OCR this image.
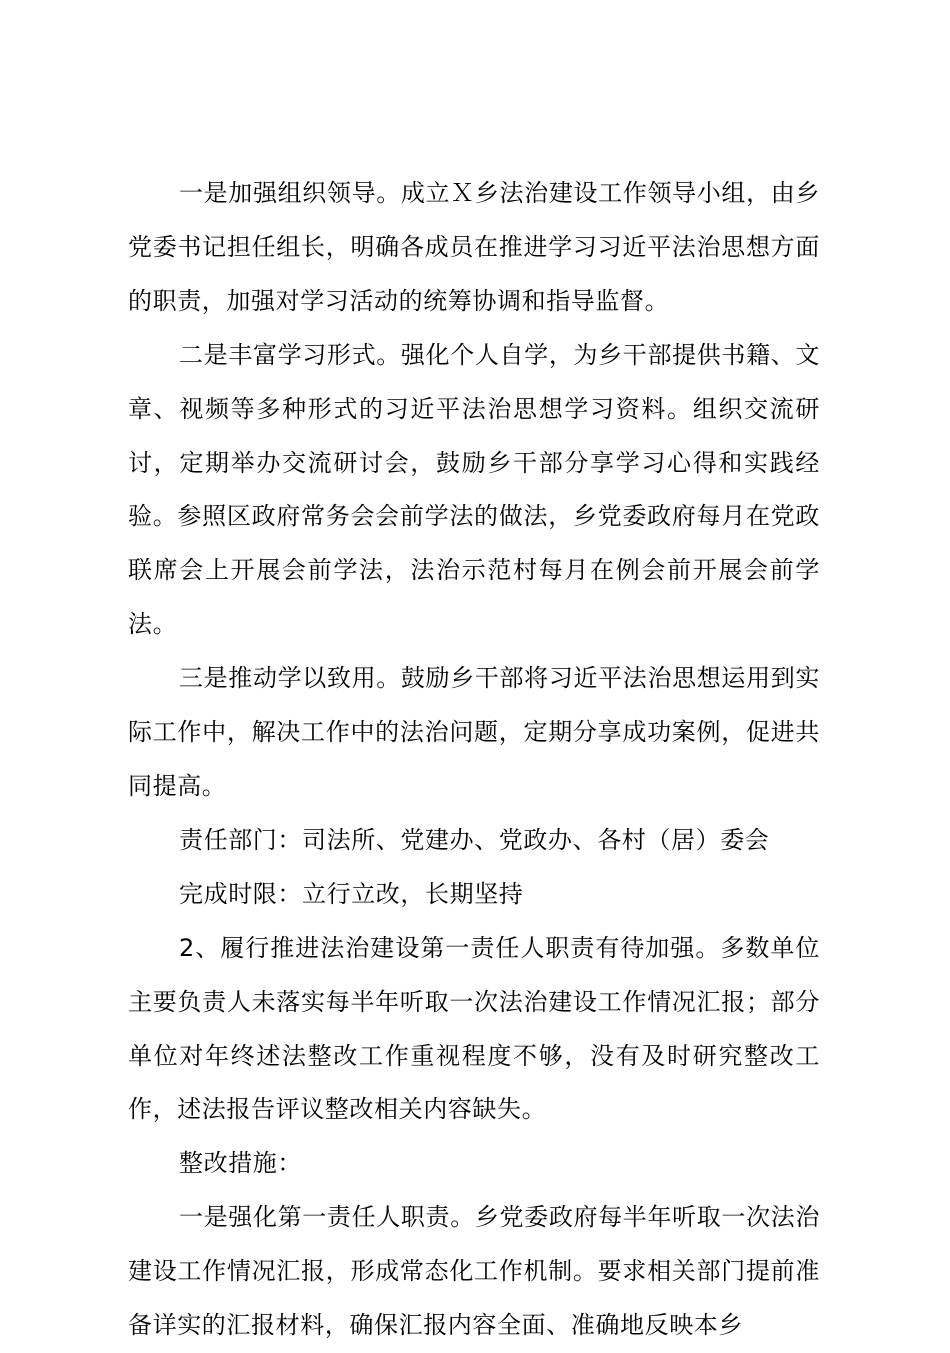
一是加强组织领导。成立Ｘ乡法治建设工作领导小组，由乡党委书记担任组长，明确各成员在推进学习习近平法治思想方面的职责，加强对学习活动的统筹协调和指导监督。

二是丰富学习形式。强化个人自学，为乡干部提供书籍、文章、视频等多种形式的习近平法治思想学习资料。组织交流研讨，定期举办交流研讨会，鼓励乡干部分享学习心得和实践经验。参照区政府常务会会前学法的做法，乡党委政府每月在党政联席会上开展会前学法，法治示范村每月在例会前开展会前学法。

三是推动学以致用。鼓励乡干部将习近平法治思想运用到实际工作中，解决工作中的法治问题，定期分享成功案例，促进共同提高。

责任部门：司法所、党建办、党政办、各村（居）委会

完成时限：立行立改，长期坚持

2、履行推进法治建设第一责任人职责有待加强。多数单位主要负责人未落实每半年听取一次法治建设工作情况汇报；部分单位对年终述法整改工作重视程度不够，没有及时研究整改工作，述法报告评议整改相关内容缺失。

整改措施：

一是强化第一责任人职责。乡党委政府每半年听取一次法治建设工作情况汇报，形成常态化工作机制。要求相关部门提前准备详实的汇报材料，确保汇报内容全面、准确地反映本乡
